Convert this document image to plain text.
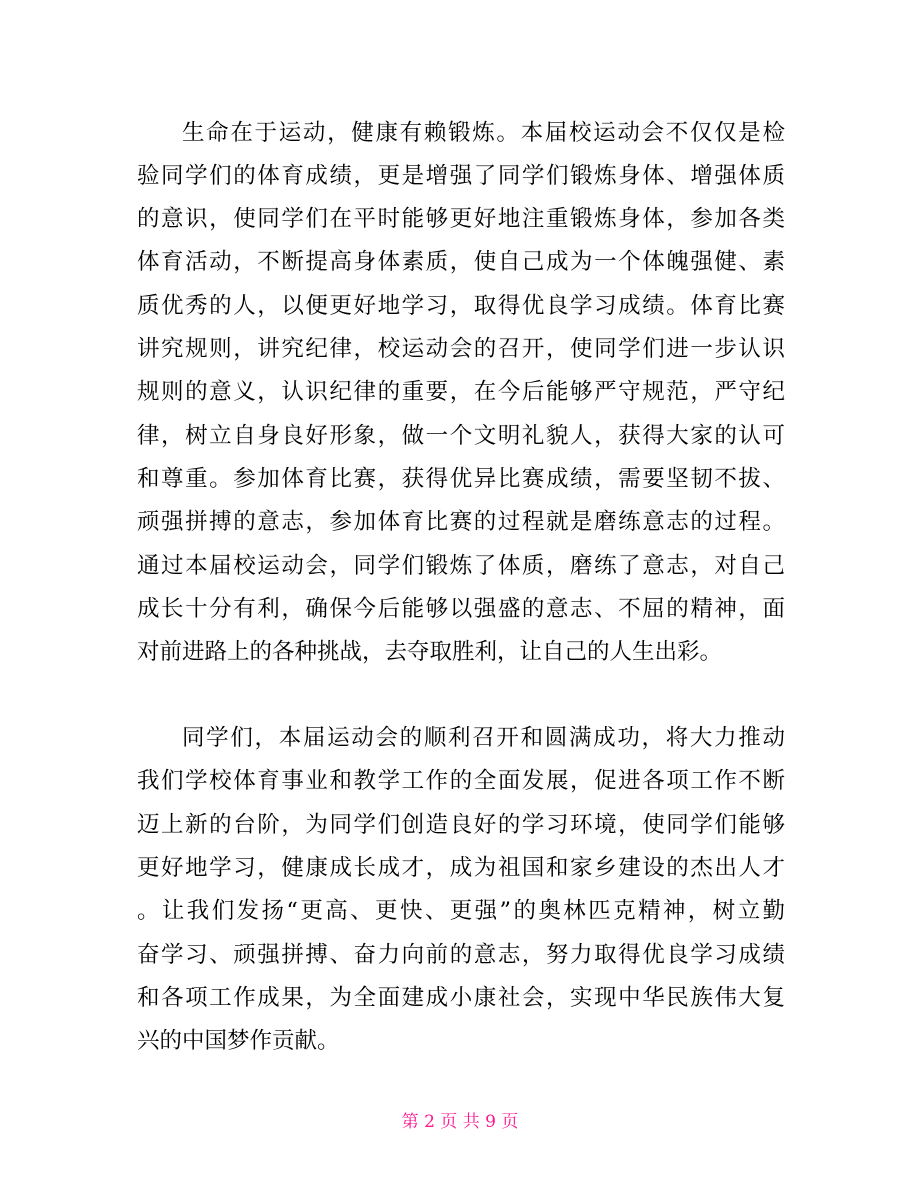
生命在于运动，健康有赖锻炼。本届校运动会不仅仅是检
验同学们的体育成绩，更是增强了同学们锻炼身体、增强体质
的意识，使同学们在平时能够更好地注重锻炼身体，参加各类
体育活动，不断提高身体素质，使自己成为一个体魄强健、素
质优秀的人，以便更好地学习，取得优良学习成绩。体育比赛
讲究规则，讲究纪律，校运动会的召开，使同学们进一步认识
规则的意义，认识纪律的重要，在今后能够严守规范，严守纪
律，树立自身良好形象，做一个文明礼貌人，获得大家的认可
和尊重。参加体育比赛，获得优异比赛成绩，需要坚韧不拔、
顽强拼搏的意志，参加体育比赛的过程就是磨练意志的过程。
通过本届校运动会，同学们锻炼了体质，磨练了意志，对自己
成长十分有利，确保今后能够以强盛的意志、不屈的精神，面
对前进路上的各种挑战，去夺取胜利，让自己的人生出彩。
同学们，本届运动会的顺利召开和圆满成功，将大力推动
我们学校体育事业和教学工作的全面发展，促进各项工作不断
迈上新的台阶，为同学们创造良好的学习环境，使同学们能够
更好地学习，健康成长成才，成为祖国和家乡建设的杰出人才
。让我们发扬“更高、更快、更强”的奥林匹克精神，树立勤
奋学习、顽强拼搏、奋力向前的意志，努力取得优良学习成绩
和各项工作成果，为全面建成小康社会，实现中华民族伟大复
兴的中国梦作贡献。
第 2 页 共 9 页
